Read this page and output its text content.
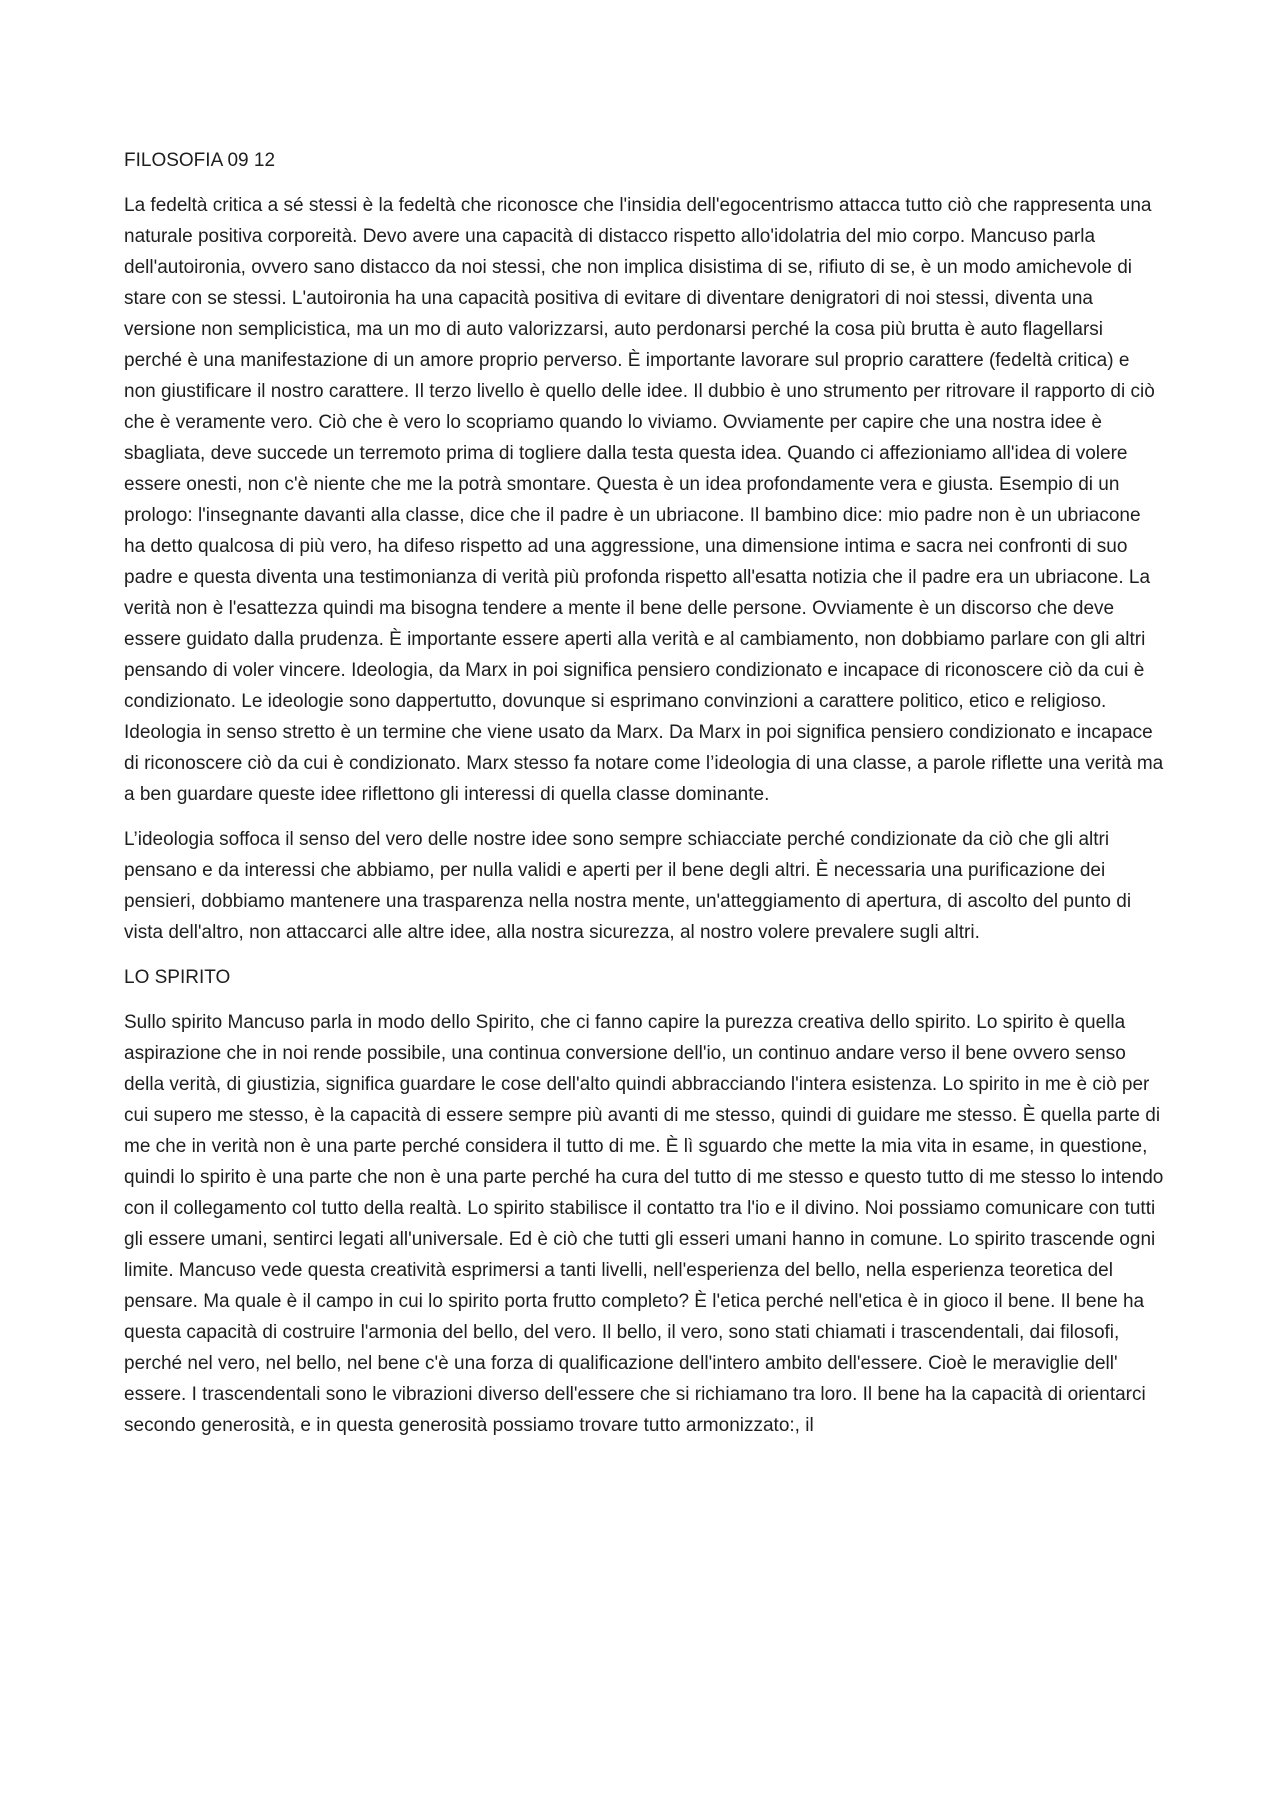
FILOSOFIA 09 12

La fedeltà critica a sé stessi è la fedeltà che riconosce che l'insidia dell'egocentrismo attacca tutto ciò che rappresenta una naturale positiva corporeità. Devo avere una capacità di distacco rispetto allo'idolatria del mio corpo. Mancuso parla dell'autoironia, ovvero sano distacco da noi stessi, che non implica disistima di se, rifiuto di se, è un modo amichevole di stare con se stessi. L'autoironia ha una capacità positiva di evitare di diventare denigratori di noi stessi, diventa una versione non semplicistica, ma un mo di auto valorizzarsi, auto perdonarsi perché la cosa più brutta è auto flagellarsi perché è una manifestazione di un amore proprio perverso. È importante lavorare sul proprio carattere (fedeltà critica) e non giustificare il nostro carattere. Il terzo livello è quello delle idee. Il dubbio è uno strumento per ritrovare il rapporto di ciò che è veramente vero. Ciò che è vero lo scopriamo quando lo viviamo. Ovviamente per capire che una nostra idee è sbagliata, deve succede un terremoto prima di togliere dalla testa questa idea. Quando ci affezioniamo all'idea di volere essere onesti, non c'è niente che me la potrà smontare. Questa è un idea profondamente vera e giusta. Esempio di un prologo: l'insegnante davanti alla classe, dice che il padre è un ubriacone. Il bambino dice: mio padre non è un ubriacone ha detto qualcosa di più vero, ha difeso rispetto ad una aggressione, una dimensione intima e sacra nei confronti di suo padre e questa diventa una testimonianza di verità più profonda rispetto all'esatta notizia che il padre era un ubriacone. La verità non è l'esattezza quindi ma bisogna tendere a mente il bene delle persone. Ovviamente è un discorso che deve essere guidato dalla prudenza. È importante essere aperti alla verità e al cambiamento, non dobbiamo parlare con gli altri pensando di voler vincere. Ideologia, da Marx in poi significa pensiero condizionato e incapace di riconoscere ciò da cui è condizionato. Le ideologie sono dappertutto, dovunque si esprimano convinzioni a carattere politico, etico e religioso. Ideologia in senso stretto è un termine che viene usato da Marx. Da Marx in poi significa pensiero condizionato e incapace di riconoscere ciò da cui è condizionato. Marx stesso fa notare come l’ideologia di una classe, a parole riflette una verità ma a ben guardare queste idee riflettono gli interessi di quella classe dominante.

L’ideologia soffoca il senso del vero delle nostre idee sono sempre schiacciate perché condizionate da ciò che gli altri pensano e da interessi che abbiamo, per nulla validi e aperti per il bene degli altri. È necessaria una purificazione dei pensieri, dobbiamo mantenere una trasparenza nella nostra mente, un'atteggiamento di apertura, di ascolto del punto di vista dell'altro, non attaccarci alle altre idee, alla nostra sicurezza, al nostro volere prevalere sugli altri.

LO SPIRITO

Sullo spirito Mancuso parla in modo dello Spirito, che ci fanno capire la purezza creativa dello spirito. Lo spirito è quella aspirazione che in noi rende possibile, una continua conversione dell'io, un continuo andare verso il bene ovvero senso della verità, di giustizia, significa guardare le cose dell'alto quindi abbracciando l'intera esistenza. Lo spirito in me è ciò per cui supero me stesso, è la capacità di essere sempre più avanti di me stesso, quindi di guidare me stesso. È quella parte di me che in verità non è una parte perché considera il tutto di me. È lì sguardo che mette la mia vita in esame, in questione, quindi lo spirito è una parte che non è una parte perché ha cura del tutto di me stesso e questo tutto di me stesso lo intendo con il collegamento col tutto della realtà. Lo spirito stabilisce il contatto tra l'io e il divino. Noi possiamo comunicare con tutti gli essere umani, sentirci legati all'universale. Ed è ciò che tutti gli esseri umani hanno in comune. Lo spirito trascende ogni limite. Mancuso vede questa creatività esprimersi a tanti livelli, nell'esperienza del bello, nella esperienza teoretica del pensare. Ma quale è il campo in cui lo spirito porta frutto completo? È l'etica perché nell'etica è in gioco il bene. Il bene ha questa capacità di costruire l'armonia del bello, del vero. Il bello, il vero, sono stati chiamati i trascendentali, dai filosofi, perché nel vero, nel bello, nel bene c'è una forza di qualificazione dell'intero ambito dell'essere. Cioè le meraviglie dell' essere. I trascendentali sono le vibrazioni diverso dell'essere che si richiamano tra loro. Il bene ha la capacità di orientarci secondo generosità, e in questa generosità possiamo trovare tutto armonizzato:, il
